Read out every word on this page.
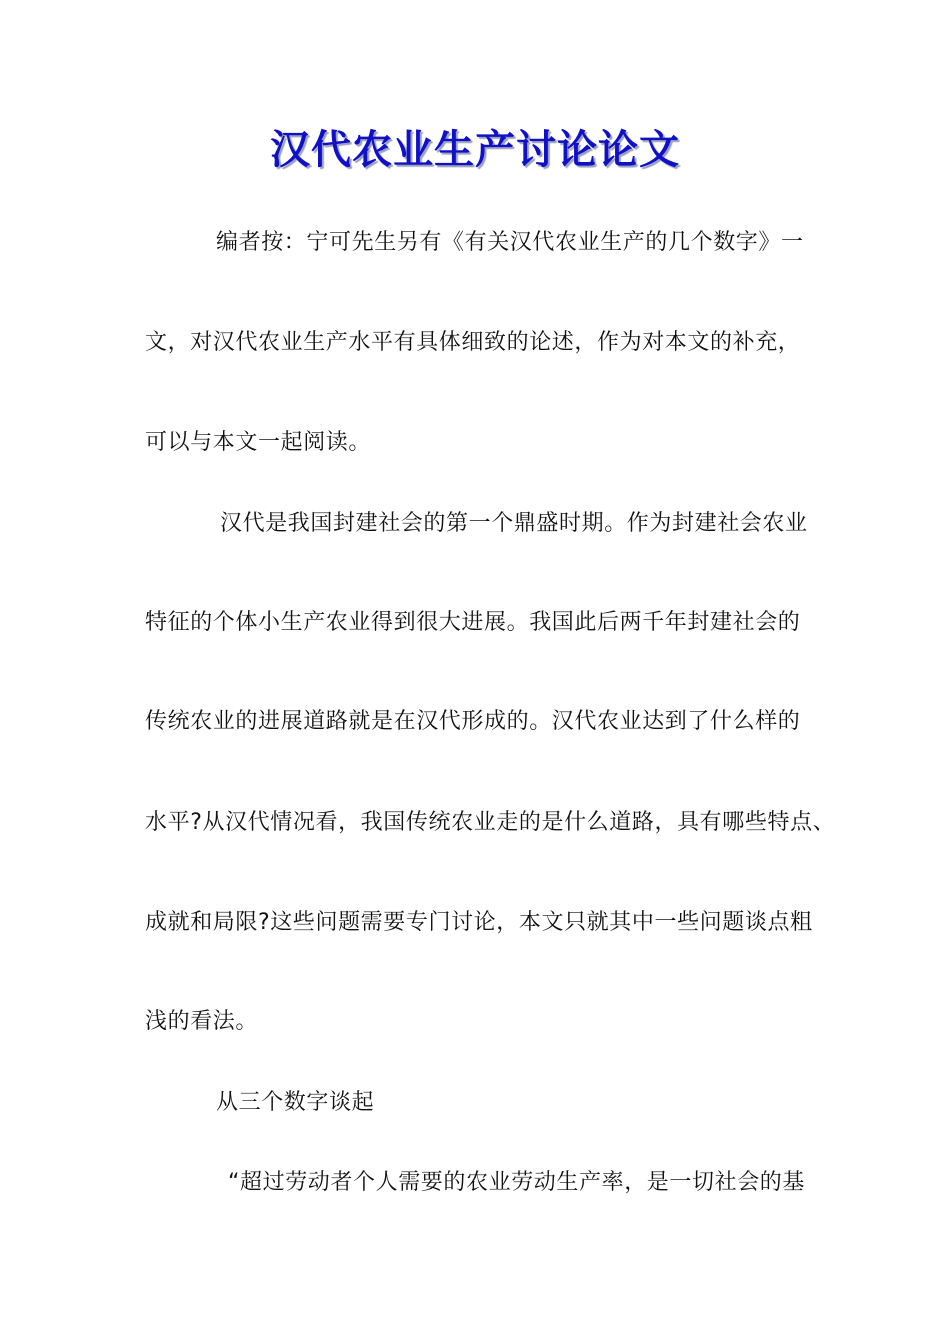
汉代农业生产讨论论文
编者按：宁可先生另有《有关汉代农业生产的几个数字》一
文，对汉代农业生产水平有具体细致的论述，作为对本文的补充，
可以与本文一起阅读。
汉代是我国封建社会的第一个鼎盛时期。作为封建社会农业
特征的个体小生产农业得到很大进展。我国此后两千年封建社会的
传统农业的进展道路就是在汉代形成的。汉代农业达到了什么样的
水平?从汉代情况看，我国传统农业走的是什么道路，具有哪些特点、
成就和局限?这些问题需要专门讨论，本文只就其中一些问题谈点粗
浅的看法。
从三个数字谈起
“超过劳动者个人需要的农业劳动生产率，是一切社会的基
